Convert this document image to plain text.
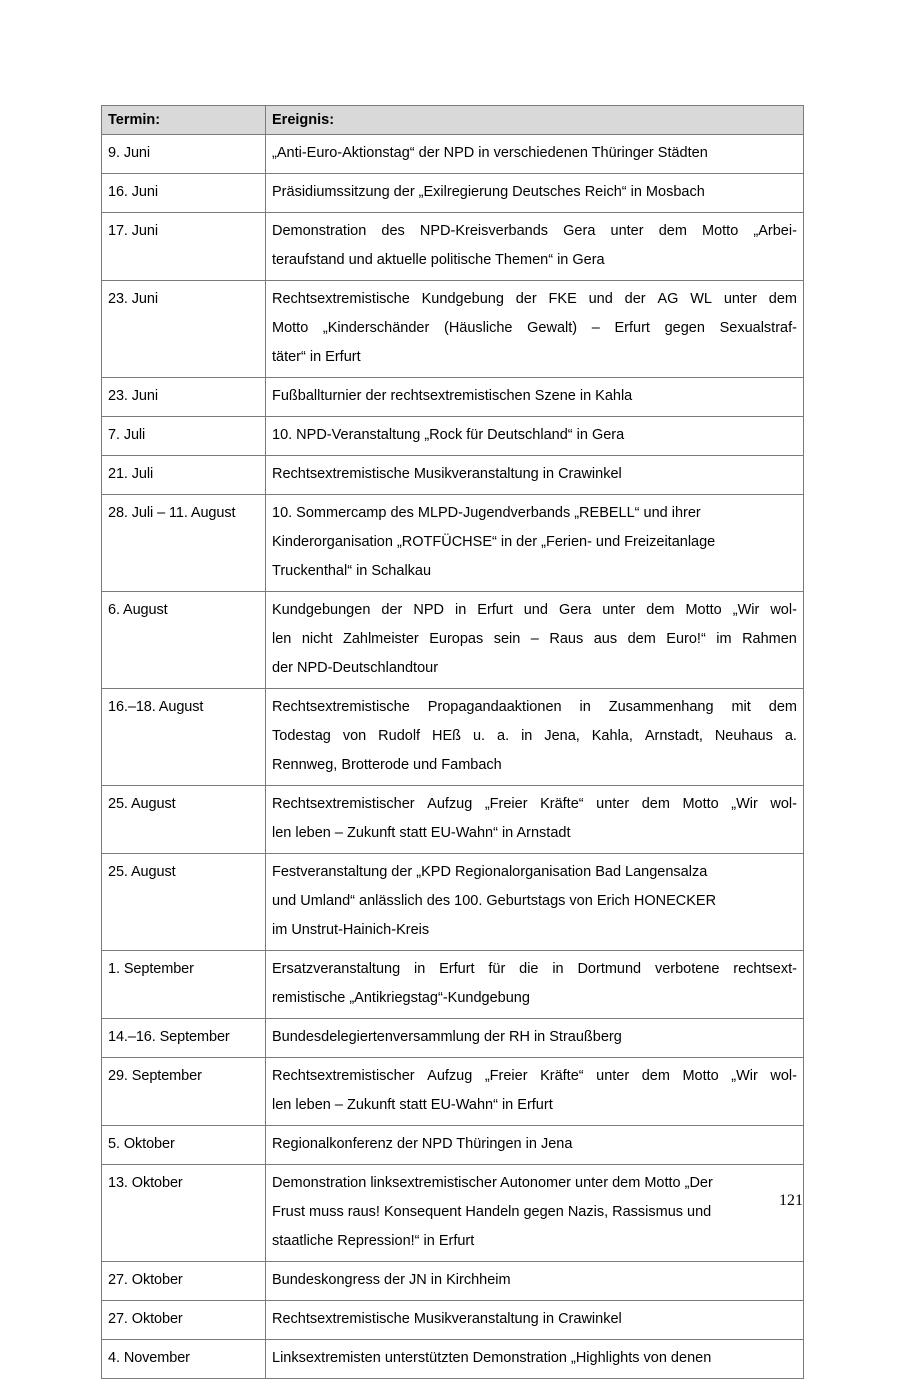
Termin:	Ereignis:

9. Juni	„Anti-Euro-Aktionstag“ der NPD in verschiedenen Thüringer Städten

16. Juni	Präsidiumssitzung der „Exilregierung Deutsches Reich“ in Mosbach

17. Juni	Demonstration des NPD-Kreisverbands Gera unter dem Motto „Arbei-
teraufstand und aktuelle politische Themen“ in Gera

23. Juni	Rechtsextremistische Kundgebung der FKE und der AG WL unter dem
Motto „Kinderschänder (Häusliche Gewalt) – Erfurt gegen Sexualstraf-
täter“ in Erfurt

23. Juni	Fußballturnier der rechtsextremistischen Szene in Kahla

7. Juli	10. NPD-Veranstaltung „Rock für Deutschland“ in Gera

21. Juli	Rechtsextremistische Musikveranstaltung in Crawinkel

28. Juli – 11. August	10. Sommercamp des MLPD-Jugendverbands „REBELL“ und ihrer
Kinderorganisation „ROTFÜCHSE“ in der „Ferien- und Freizeitanlage
Truckenthal“ in Schalkau

6. August	Kundgebungen der NPD in Erfurt und Gera unter dem Motto „Wir wol-
len nicht Zahlmeister Europas sein – Raus aus dem Euro!“ im Rahmen
der NPD-Deutschlandtour

16.–18. August	Rechtsextremistische Propagandaaktionen in Zusammenhang mit dem
Todestag von Rudolf HEß u. a. in Jena, Kahla, Arnstadt, Neuhaus a.
Rennweg, Brotterode und Fambach

25. August	Rechtsextremistischer Aufzug „Freier Kräfte“ unter dem Motto „Wir wol-
len leben – Zukunft statt EU-Wahn“ in Arnstadt

25. August	Festveranstaltung der „KPD Regionalorganisation Bad Langensalza
und Umland“ anlässlich des 100. Geburtstags von Erich HONECKER
im Unstrut-Hainich-Kreis

1. September	Ersatzveranstaltung in Erfurt für die in Dortmund verbotene rechtsext-
remistische „Antikriegstag“-Kundgebung

14.–16. September	Bundesdelegiertenversammlung der RH in Straußberg

29. September	Rechtsextremistischer Aufzug „Freier Kräfte“ unter dem Motto „Wir wol-
len leben – Zukunft statt EU-Wahn“ in Erfurt

5. Oktober	Regionalkonferenz der NPD Thüringen in Jena

13. Oktober	Demonstration linksextremistischer Autonomer unter dem Motto „Der
Frust muss raus! Konsequent Handeln gegen Nazis, Rassismus und
staatliche Repression!“ in Erfurt

27. Oktober	Bundeskongress der JN in Kirchheim

27. Oktober	Rechtsextremistische Musikveranstaltung in Crawinkel

4. November	Linksextremisten unterstützten Demonstration „Highlights von denen
121
